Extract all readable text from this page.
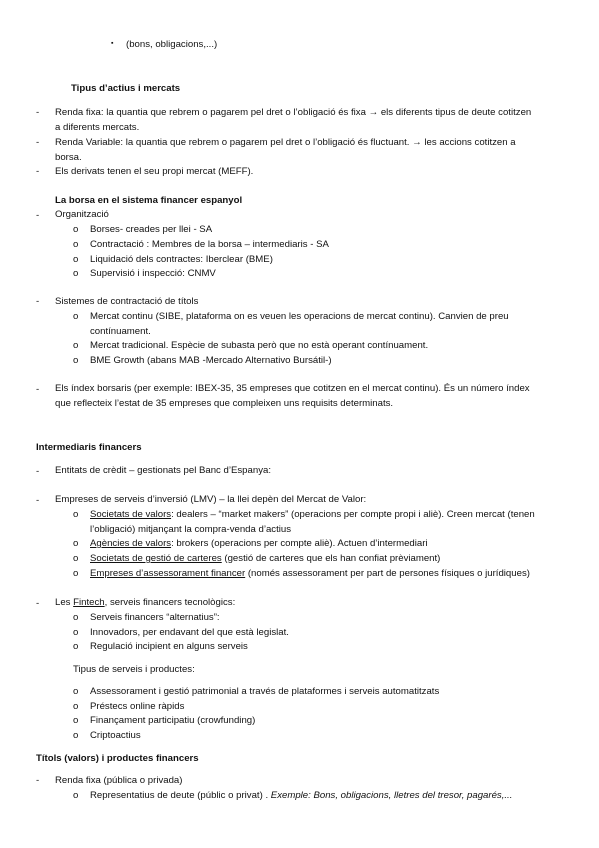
▪ (bons, obligacions,...)
Tipus d’actius i mercats
- Renda fixa: la quantia que rebrem o pagarem pel dret o l’obligació és fixa → els diferents tipus de deute cotitzen
a diferents mercats.
- Renda Variable: la quantia que rebrem o pagarem pel dret o l’obligació és fluctuant. → les accions cotitzen a
borsa.
- Els derivats tenen el seu propi mercat (MEFF).
La borsa en el sistema financer espanyol
- Organització
o Borses- creades per llei - SA
o Contractació : Membres de la borsa – intermediaris - SA
o Liquidació dels contractes: Iberclear (BME)
o Supervisió i inspecció: CNMV
- Sistemes de contractació de títols
o Mercat continu (SIBE, plataforma on es veuen les operacions de mercat continu). Canvien de preu
contínuament.
o Mercat tradicional. Espècie de subasta però que no està operant contínuament.
o BME Growth (abans MAB -Mercado Alternativo Bursátil-)
- Els índex borsaris (per exemple: IBEX-35, 35 empreses que cotitzen en el mercat continu). És un número índex
que reflecteix l’estat de 35 empreses que compleixen uns requisits determinats.
Intermediaris financers
- Entitats de crèdit – gestionats pel Banc d’Espanya:
- Empreses de serveis d’inversió (LMV) – la llei depèn del Mercat de Valor:
o Societats de valors: dealers – “market makers” (operacions per compte propi i aliè). Creen mercat (tenen
l’obligació) mitjançant la compra-venda d’actius
o Agències de valors: brokers (operacions per compte aliè). Actuen d’intermediari
o Societats de gestió de carteres (gestió de carteres que els han confiat prèviament)
o Empreses d’assessorament financer (només assessorament per part de persones físiques o jurídiques)
- Les Fintech, serveis financers tecnològics:
o Serveis financers “alternatius”:
o Innovadors, per endavant del que està legislat.
o Regulació incipient en alguns serveis
Tipus de serveis i productes:
o Assessorament i gestió patrimonial a través de plataformes i serveis automatitzats
o Préstecs online ràpids
o Finançament participatiu (crowfunding)
o Criptoactius
Títols (valors) i productes financers
- Renda fixa (pública o privada)
o Representatius de deute (públic o privat) . Exemple: Bons, obligacions, lletres del tresor, pagarés,...
